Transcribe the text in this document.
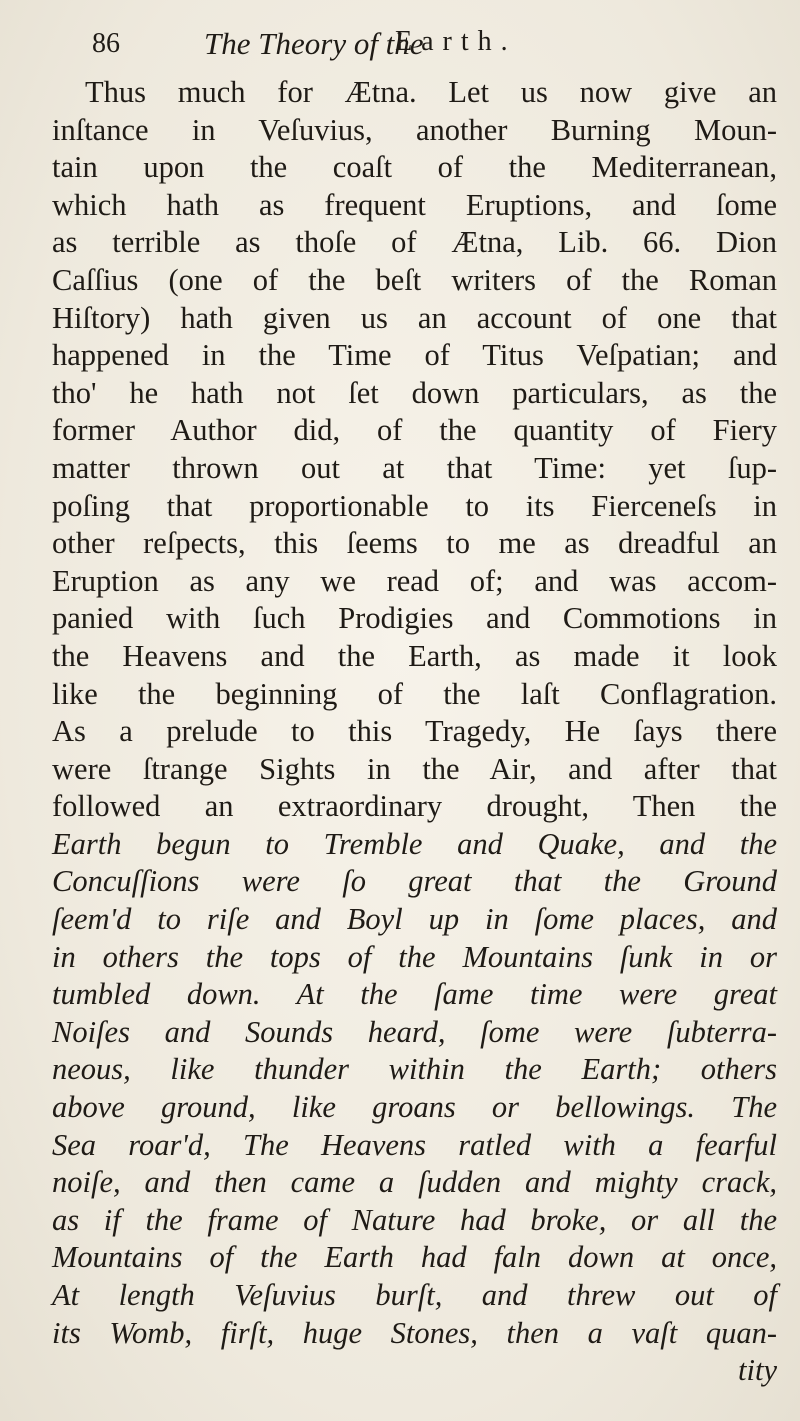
86	The Theory of the
Earth.
Thus much for Ætna. Let us now give an
inſtance in Veſuvius, another Burning Moun-
tain upon the coaſt of the Mediterranean,
which hath as frequent Eruptions, and ſome
as terrible as thoſe of Ætna, Lib. 66. Dion
Caſſius (one of the beſt writers of the Roman
Hiſtory) hath given us an account of one that
happened in the Time of Titus Veſpatian; and
tho' he hath not ſet down particulars, as the
former Author did, of the quantity of Fiery
matter thrown out at that Time: yet ſup-
poſing that proportionable to its Fierceneſs in
other reſpects, this ſeems to me as dreadful an
Eruption as any we read of; and was accom-
panied with ſuch Prodigies and Commotions in
the Heavens and the Earth, as made it look
like the beginning of the laſt Conflagration.
As a prelude to this Tragedy, He ſays there
were ſtrange Sights in the Air, and after that
followed an extraordinary drought, Then the
Earth begun to Tremble and Quake, and the
Concuſſions were ſo great that the Ground
ſeem'd to riſe and Boyl up in ſome places, and
in others the tops of the Mountains ſunk in or
tumbled down. At the ſame time were great
Noiſes and Sounds heard, ſome were ſubterra-
neous, like thunder within the Earth; others
above ground, like groans or bellowings. The
Sea roar'd, The Heavens ratled with a fearful
noiſe, and then came a ſudden and mighty crack,
as if the frame of Nature had broke, or all the
Mountains of the Earth had faln down at once,
At length Veſuvius burſt, and threw out of
its Womb, firſt, huge Stones, then a vaſt quan-
tity
